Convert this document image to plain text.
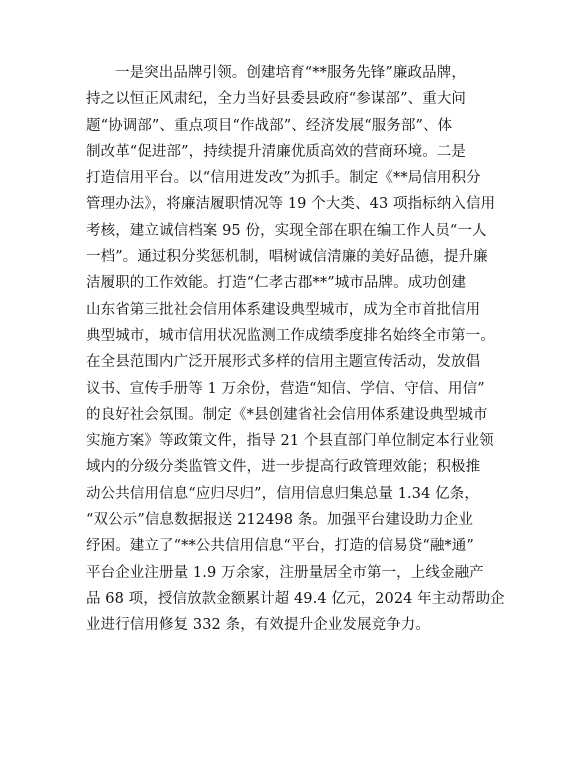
一是突出品牌引领。创建培育“**服务先锋”廉政品牌，
持之以恒正风肃纪，全力当好县委县政府“参谋部”、重大问
题“协调部”、重点项目“作战部”、经济发展“服务部”、体
制改革“促进部”，持续提升清廉优质高效的营商环境。二是
打造信用平台。以“信用进发改”为抓手。制定《**局信用积分
管理办法》，将廉洁履职情况等 19 个大类、43 项指标纳入信用
考核，建立诚信档案 95 份，实现全部在职在编工作人员“一人
一档”。通过积分奖惩机制，唱树诚信清廉的美好品德，提升廉
洁履职的工作效能。打造“仁孝古郡**”城市品牌。成功创建
山东省第三批社会信用体系建设典型城市，成为全市首批信用
典型城市，城市信用状况监测工作成绩季度排名始终全市第一。
在全县范围内广泛开展形式多样的信用主题宣传活动，发放倡
议书、宣传手册等 1 万余份，营造“知信、学信、守信、用信”
的良好社会氛围。制定《*县创建省社会信用体系建设典型城市
实施方案》等政策文件，指导 21 个县直部门单位制定本行业领
域内的分级分类监管文件，进一步提高行政管理效能；积极推
动公共信用信息“应归尽归”，信用信息归集总量 1.34 亿条，
“双公示”信息数据报送 212498 条。加强平台建设助力企业
纾困。建立了“**公共信用信息“平台，打造的信易贷“融*通”
平台企业注册量 1.9 万余家，注册量居全市第一，上线金融产
品 68 项，授信放款金额累计超 49.4 亿元，2024 年主动帮助企
业进行信用修复 332 条，有效提升企业发展竞争力。
